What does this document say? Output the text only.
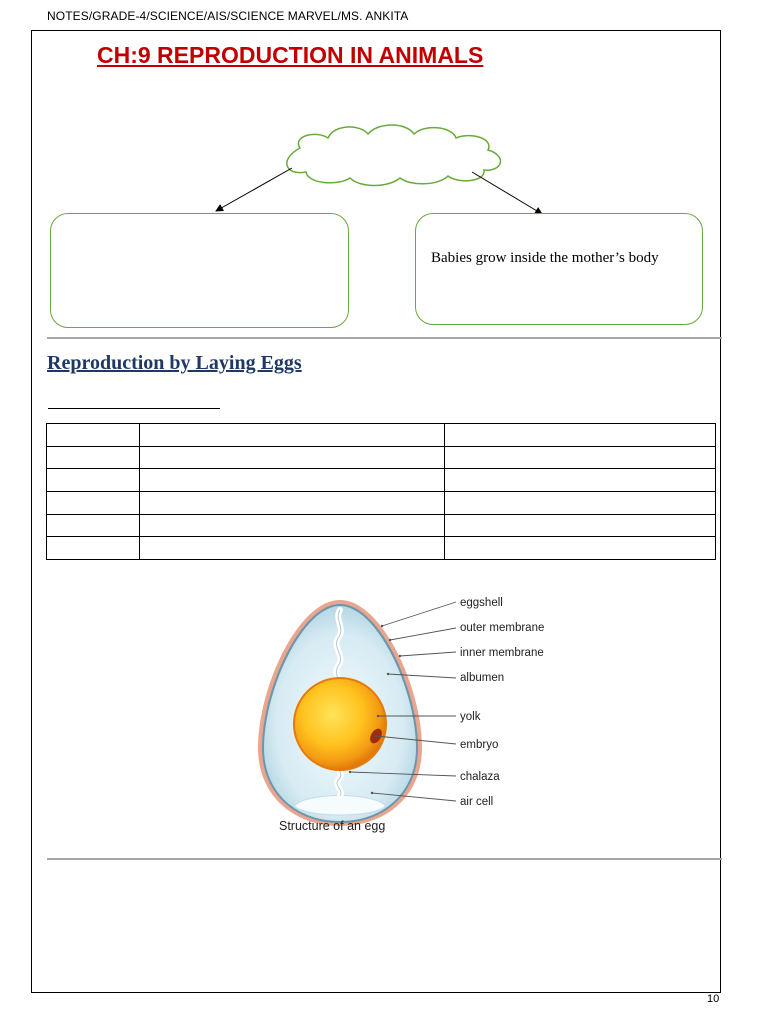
NOTES/GRADE-4/SCIENCE/AIS/SCIENCE MARVEL/MS. ANKITA
CH:9 REPRODUCTION IN ANIMALS
Babies grow inside the mother’s body
Reproduction by Laying Eggs

eggshell
outer membrane
inner membrane
albumen
yolk
embryo
chalaza
air cell
Structure of an egg
10
